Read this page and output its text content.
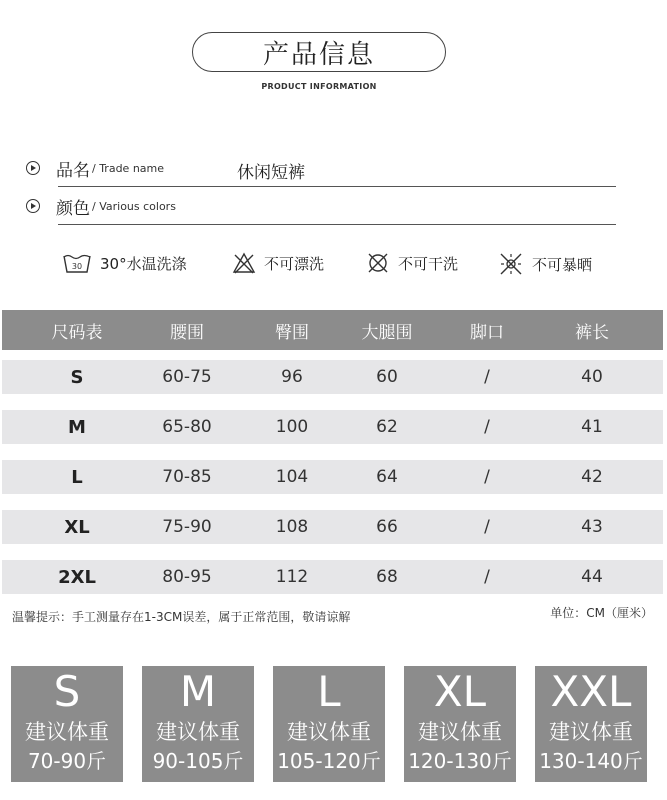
产品信息
PRODUCT INFORMATION
品名 / Trade name	休闲短裤
颜色 / Various colors
30 30°水温洗涤	不可漂洗	不可干洗	不可暴晒
尺码表	腰围	臀围	大腿围	脚口	裤长
S	60-75	96	60	/	40
M	65-80	100	62	/	41
L	70-85	104	64	/	42
XL	75-90	108	66	/	43
2XL	80-95	112	68	/	44
温馨提示：手工测量存在1-3CM误差，属于正常范围，敬请谅解	单位：CM（厘米）
S
建议体重
70-90斤
M
建议体重
90-105斤
L
建议体重
105-120斤
XL
建议体重
120-130斤
XXL
建议体重
130-140斤
